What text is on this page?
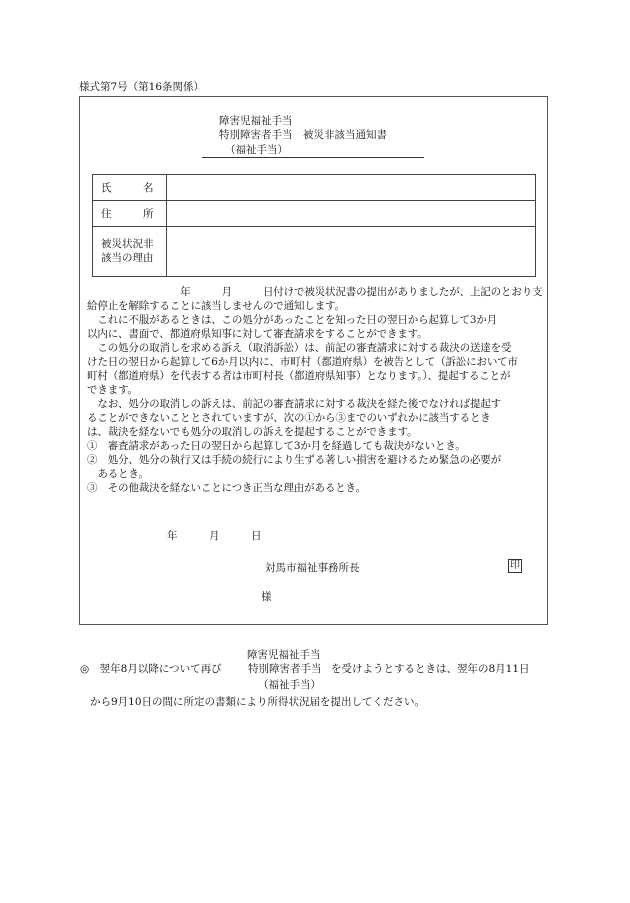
様式第7号（第16条関係）
障害児福祉手当
特別障害者手当　被災非該当通知書
（福祉手当）
氏　　　名
住　　　所
被災状況非
該当の理由
　　　　　　　　　年　　　月　　　日付けで被災状況書の提出がありましたが、上記のとおり支
給停止を解除することに該当しませんので通知します。
　これに不服があるときは、この処分があったことを知った日の翌日から起算して3か月
以内に、書面で、都道府県知事に対して審査請求をすることができます。
　この処分の取消しを求める訴え（取消訴訟）は、前記の審査請求に対する裁決の送達を受
けた日の翌日から起算して6か月以内に、市町村（都道府県）を被告として（訴訟において市
町村（都道府県）を代表する者は市町村長（都道府県知事）となります。）、提起することが
できます。
　なお、処分の取消しの訴えは、前記の審査請求に対する裁決を経た後でなければ提起す
ることができないこととされていますが、次の①から③までのいずれかに該当するとき
は、裁決を経ないでも処分の取消しの訴えを提起することができます。
①　審査請求があった日の翌日から起算して3か月を経過しても裁決がないとき。
②　処分、処分の執行又は手続の続行により生ずる著しい損害を避けるため緊急の必要が
　あるとき。
③　その他裁決を経ないことにつき正当な理由があるとき。
年　　　月　　　日
対馬市福祉事務所長	印
様
障害児福祉手当
◎　翌年8月以降について再び	特別障害者手当 を受けようとするときは、翌年の8月11日
（福祉手当）
から9月10日の間に所定の書類により所得状況届を提出してください。
